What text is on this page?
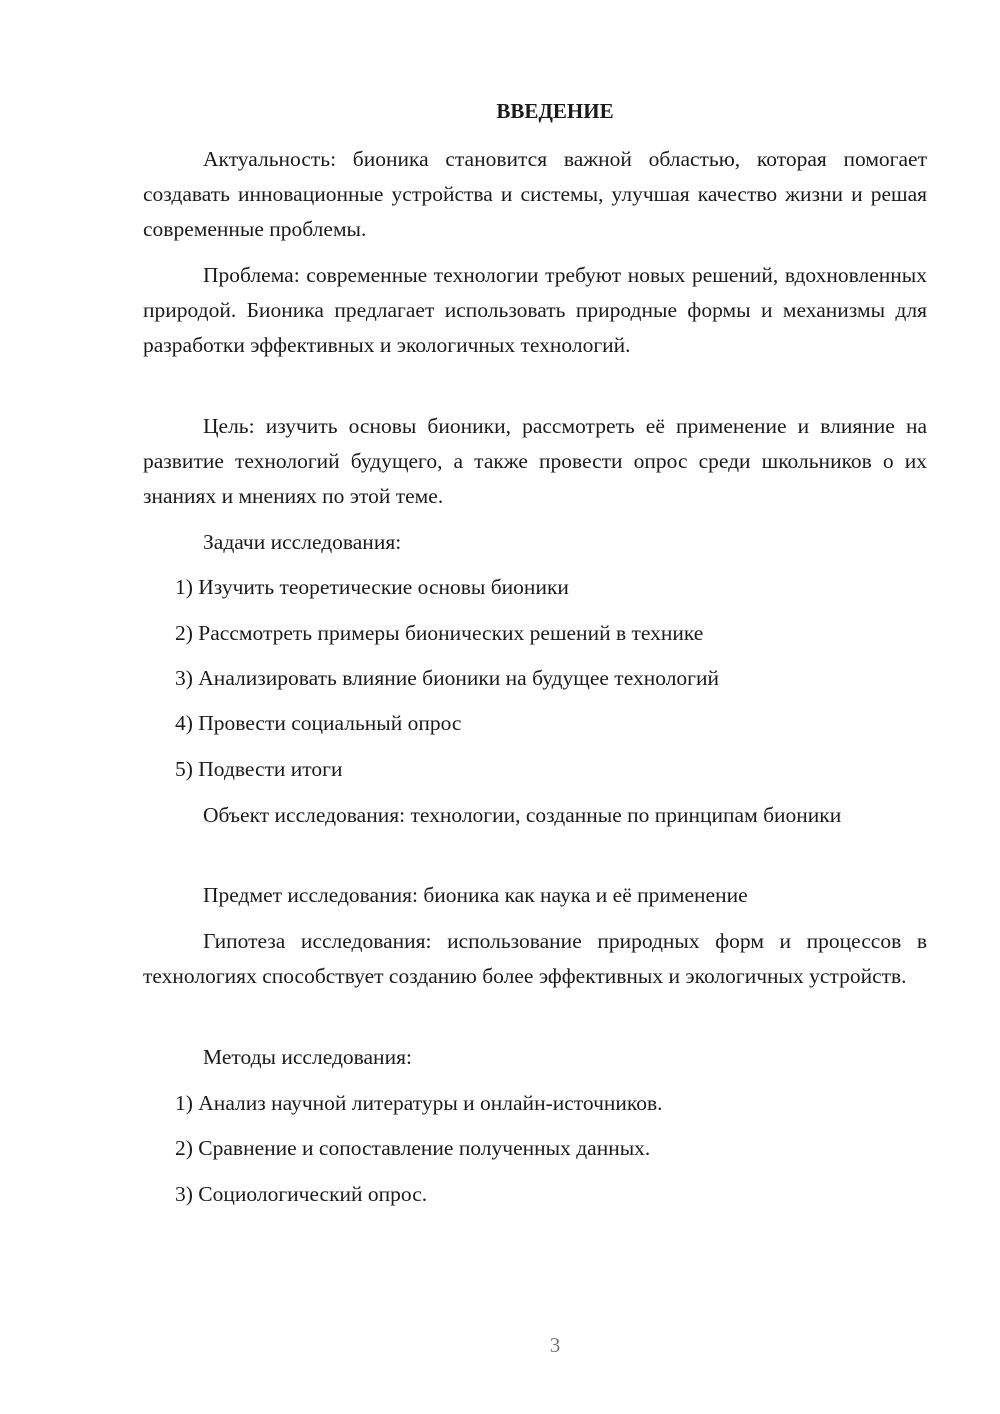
ВВЕДЕНИЕ

Актуальность: бионика становится важной областью, которая помогает создавать инновационные устройства и системы, улучшая качество жизни и решая современные проблемы.

Проблема: современные технологии требуют новых решений, вдохновленных природой. Бионика предлагает использовать природные формы и механизмы для разработки эффективных и экологичных технологий.

Цель: изучить основы бионики, рассмотреть её применение и влияние на развитие технологий будущего, а также провести опрос среди школьников о их знаниях и мнениях по этой теме.

Задачи исследования:

1) Изучить теоретические основы бионики

2) Рассмотреть примеры бионических решений в технике

3) Анализировать влияние бионики на будущее технологий

4) Провести социальный опрос

5) Подвести итоги

Объект исследования: технологии, созданные по принципам бионики

Предмет исследования: бионика как наука и её применение

Гипотеза исследования: использование природных форм и процессов в технологиях способствует созданию более эффективных и экологичных устройств.

Методы исследования:

1) Анализ научной литературы и онлайн-источников.

2) Сравнение и сопоставление полученных данных.

3) Социологический опрос.

3
